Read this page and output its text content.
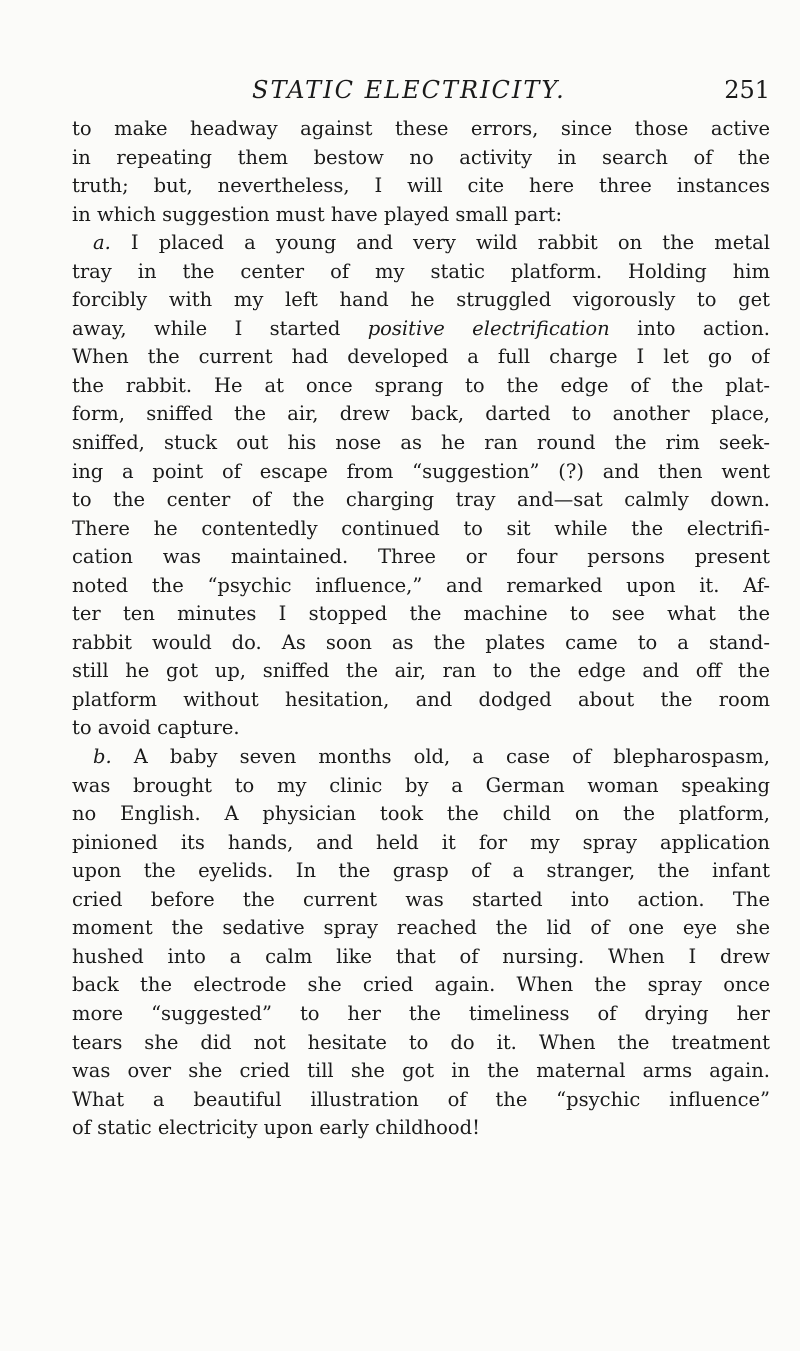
STATIC ELECTRICITY.	251
to make headway against these errors, since those active
in repeating them bestow no activity in search of the
truth; but, nevertheless, I will cite here three instances
in which suggestion must have played small part:
a. I placed a young and very wild rabbit on the metal
tray in the center of my static platform. Holding him
forcibly with my left hand he struggled vigorously to get
away, while I started positive electrification into action.
When the current had developed a full charge I let go of
the rabbit. He at once sprang to the edge of the plat-
form, sniffed the air, drew back, darted to another place,
sniffed, stuck out his nose as he ran round the rim seek-
ing a point of escape from “suggestion” (?) and then went
to the center of the charging tray and—sat calmly down.
There he contentedly continued to sit while the electrifi-
cation was maintained. Three or four persons present
noted the “psychic influence,” and remarked upon it. Af-
ter ten minutes I stopped the machine to see what the
rabbit would do. As soon as the plates came to a stand-
still he got up, sniffed the air, ran to the edge and off the
platform without hesitation, and dodged about the room
to avoid capture.
b. A baby seven months old, a case of blepharospasm,
was brought to my clinic by a German woman speaking
no English. A physician took the child on the platform,
pinioned its hands, and held it for my spray application
upon the eyelids. In the grasp of a stranger, the infant
cried before the current was started into action. The
moment the sedative spray reached the lid of one eye she
hushed into a calm like that of nursing. When I drew
back the electrode she cried again. When the spray once
more “suggested” to her the timeliness of drying her
tears she did not hesitate to do it. When the treatment
was over she cried till she got in the maternal arms again.
What a beautiful illustration of the “psychic influence”
of static electricity upon early childhood!
